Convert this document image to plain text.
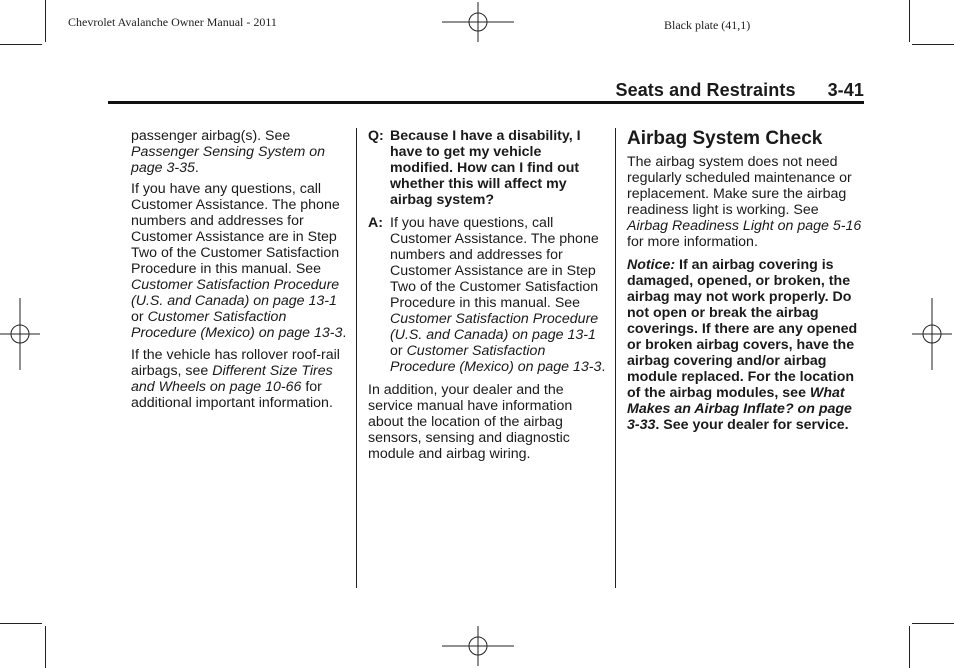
Chevrolet Avalanche Owner Manual - 2011	Black plate (41,1)
Seats and Restraints 3-41

passenger airbag(s). See Passenger Sensing System on page 3-35.

If you have any questions, call Customer Assistance. The phone numbers and addresses for Customer Assistance are in Step Two of the Customer Satisfaction Procedure in this manual. See Customer Satisfaction Procedure (U.S. and Canada) on page 13-1 or Customer Satisfaction Procedure (Mexico) on page 13-3.

If the vehicle has rollover roof-rail airbags, see Different Size Tires and Wheels on page 10-66 for additional important information.

Q: Because I have a disability, I have to get my vehicle modified. How can I find out whether this will affect my airbag system?
A: If you have questions, call Customer Assistance. The phone numbers and addresses for Customer Assistance are in Step Two of the Customer Satisfaction Procedure in this manual. See Customer Satisfaction Procedure (U.S. and Canada) on page 13-1 or Customer Satisfaction Procedure (Mexico) on page 13-3.

In addition, your dealer and the service manual have information about the location of the airbag sensors, sensing and diagnostic module and airbag wiring.

Airbag System Check

The airbag system does not need regularly scheduled maintenance or replacement. Make sure the airbag readiness light is working. See Airbag Readiness Light on page 5-16 for more information.

Notice: If an airbag covering is damaged, opened, or broken, the airbag may not work properly. Do not open or break the airbag coverings. If there are any opened or broken airbag covers, have the airbag covering and/or airbag module replaced. For the location of the airbag modules, see What Makes an Airbag Inflate? on page 3-33. See your dealer for service.
